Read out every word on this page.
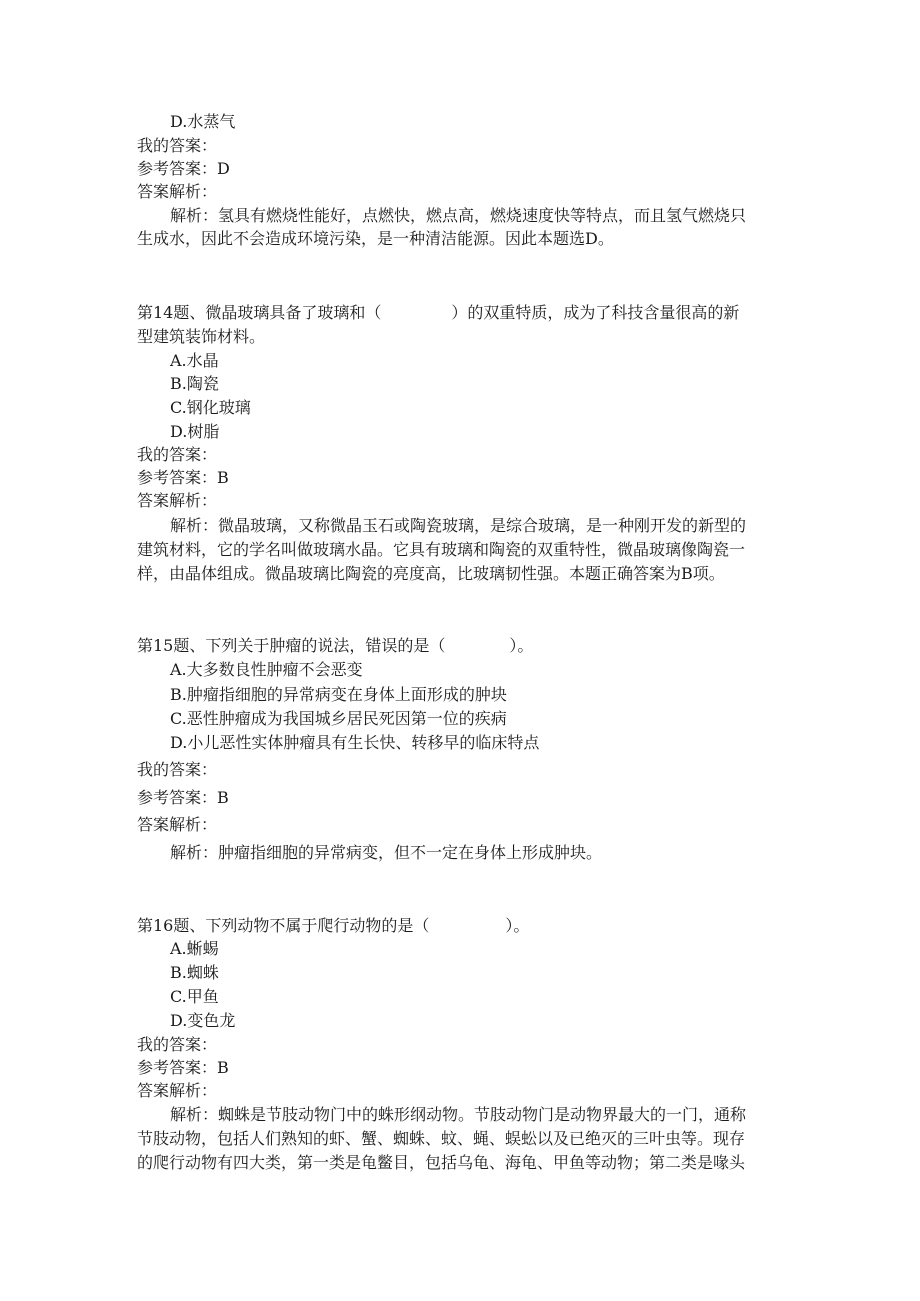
D.水蒸气
我的答案：
参考答案：D
答案解析：
解析：氢具有燃烧性能好，点燃快，燃点高，燃烧速度快等特点，而且氢气燃烧只
生成水，因此不会造成环境污染，是一种清洁能源。因此本题选D。
第14题、微晶玻璃具备了玻璃和（	）的双重特质，成为了科技含量很高的新
型建筑装饰材料。
A.水晶
B.陶瓷
C.钢化玻璃
D.树脂
我的答案：
参考答案：B
答案解析：
解析：微晶玻璃，又称微晶玉石或陶瓷玻璃，是综合玻璃，是一种刚开发的新型的
建筑材料，它的学名叫做玻璃水晶。它具有玻璃和陶瓷的双重特性，微晶玻璃像陶瓷一
样，由晶体组成。微晶玻璃比陶瓷的亮度高，比玻璃韧性强。本题正确答案为B项。
第15题、下列关于肿瘤的说法，错误的是（	）。
A.大多数良性肿瘤不会恶变
B.肿瘤指细胞的异常病变在身体上面形成的肿块
C.恶性肿瘤成为我国城乡居民死因第一位的疾病
D.小儿恶性实体肿瘤具有生长快、转移早的临床特点
我的答案：
参考答案：B
答案解析：
解析：肿瘤指细胞的异常病变，但不一定在身体上形成肿块。
第16题、下列动物不属于爬行动物的是（	）。
A.蜥蜴
B.蜘蛛
C.甲鱼
D.变色龙
我的答案：
参考答案：B
答案解析：
解析：蜘蛛是节肢动物门中的蛛形纲动物。节肢动物门是动物界最大的一门，通称
节肢动物，包括人们熟知的虾、蟹、蜘蛛、蚊、蝇、蜈蚣以及已绝灭的三叶虫等。现存
的爬行动物有四大类，第一类是龟鳖目，包括乌龟、海龟、甲鱼等动物；第二类是喙头
